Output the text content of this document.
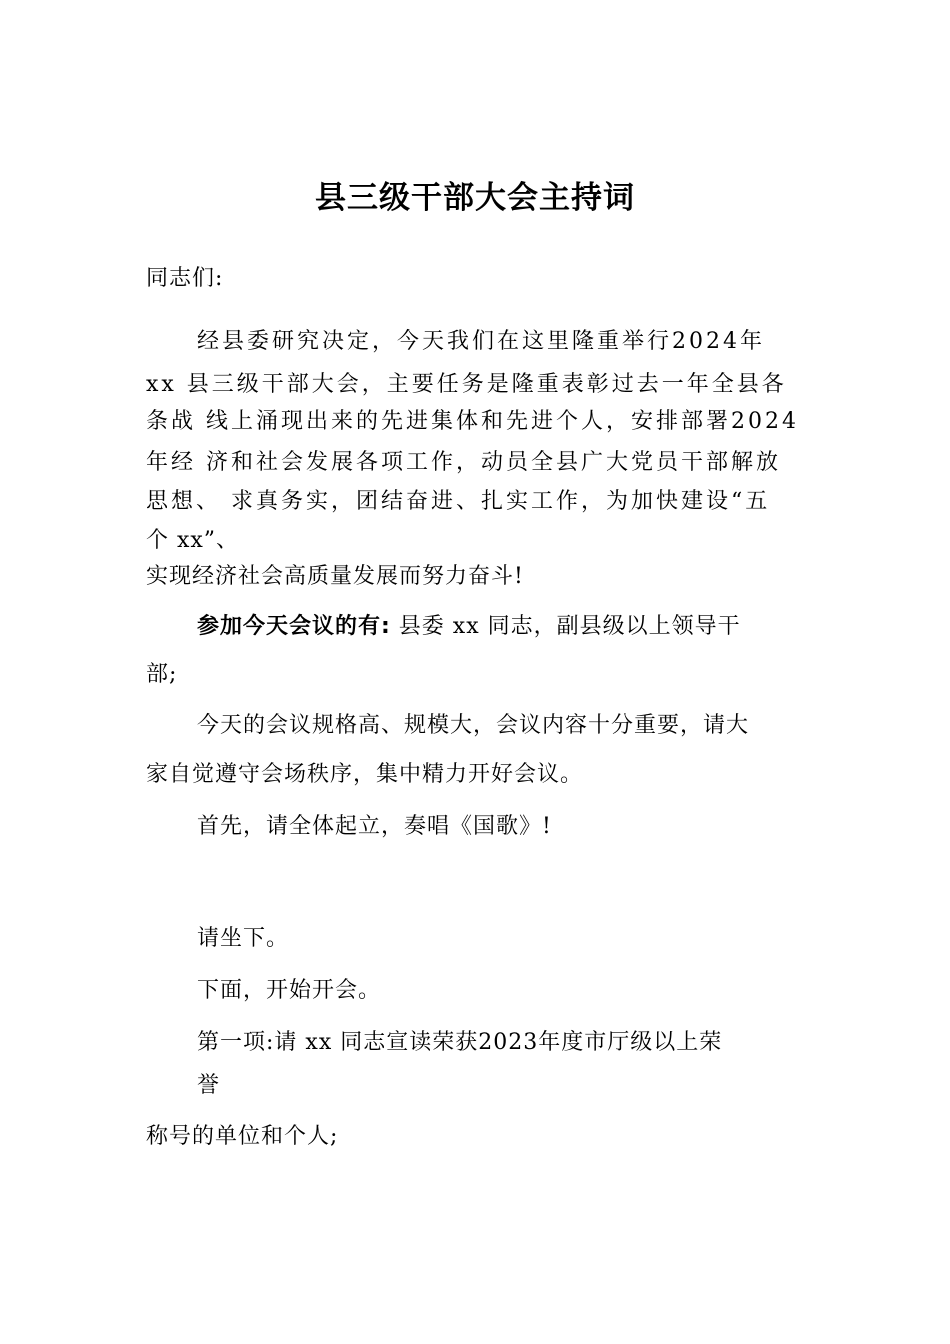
县三级干部大会主持词
同志们:
经县委研究决定，今天我们在这里隆重举行2024年
xx 县三级干部大会，主要任务是隆重表彰过去一年全县各
条战 线上涌现出来的先进集体和先进个人，安排部署2024
年经 济和社会发展各项工作，动员全县广大党员干部解放
思想、 求真务实，团结奋进、扎实工作，为加快建设“五
个 xx”、
实现经济社会高质量发展而努力奋斗!
参加今天会议的有: 县委 xx 同志，副县级以上领导干
部;
今天的会议规格高、规模大，会议内容十分重要，请大
家自觉遵守会场秩序，集中精力开好会议。
首先，请全体起立，奏唱《国歌》!
请坐下。
下面，开始开会。
第一项:请 xx 同志宣读荣获2023年度市厅级以上荣
誉
称号的单位和个人;
